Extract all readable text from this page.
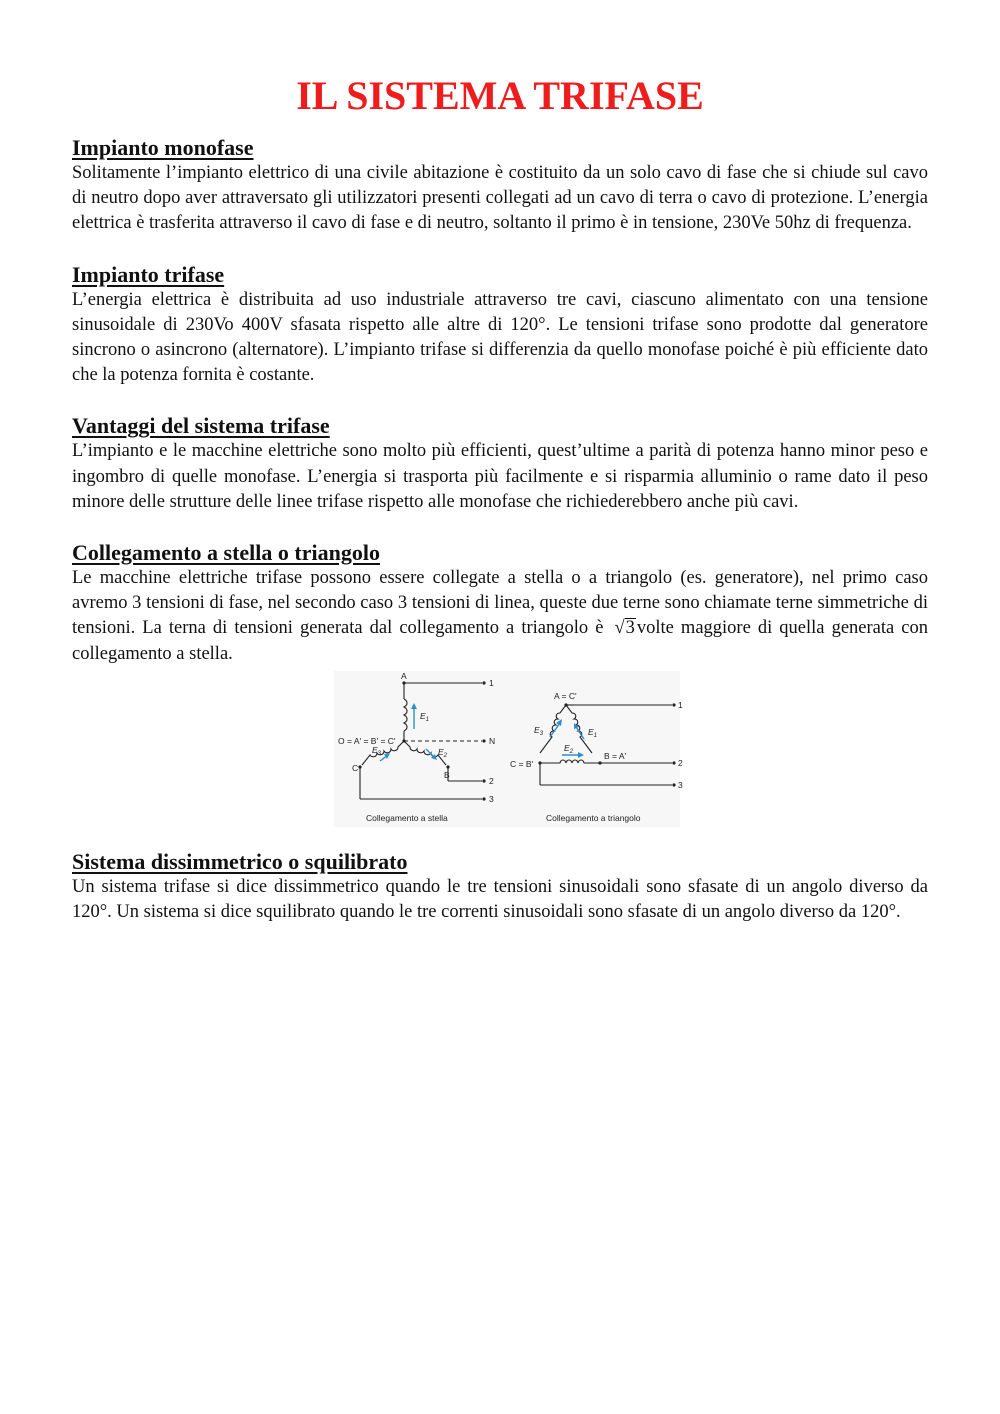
IL SISTEMA TRIFASE
Impianto monofase

Solitamente l’impianto elettrico di una civile abitazione è costituito da un solo cavo di fase che si chiude sul cavo di neutro dopo aver attraversato gli utilizzatori presenti collegati ad un cavo di terra o cavo di protezione. L’energia elettrica è trasferita attraverso il cavo di fase e di neutro, soltanto il primo è in tensione, 230Ve 50hz di frequenza.

Impianto trifase

L’energia elettrica è distribuita ad uso industriale attraverso tre cavi, ciascuno alimentato con una tensione sinusoidale di 230Vo 400V sfasata rispetto alle altre di 120°. Le tensioni trifase sono prodotte dal generatore sincrono o asincrono (alternatore). L’impianto trifase si differenzia da quello monofase poiché è più efficiente dato che la potenza fornita è costante.

Vantaggi del sistema trifase

L’impianto e le macchine elettriche sono molto più efficienti, quest’ultime a parità di potenza hanno minor peso e ingombro di quelle monofase. L’energia si trasporta più facilmente e si risparmia alluminio o rame dato il peso minore delle strutture delle linee trifase rispetto alle monofase che richiederebbero anche più cavi.

Collegamento a stella o triangolo

Le macchine elettriche trifase possono essere collegate a stella o a triangolo (es. generatore), nel primo caso avremo 3 tensioni di fase, nel secondo caso 3 tensioni di linea, queste due terne sono chiamate terne simmetriche di tensioni. La terna di tensioni generata dal collegamento a triangolo è √3 volte maggiore di quella generata con collegamento a stella.

A
O = A' = B' = C'
C
B
1
N
2
3
$E_1$
$E_2$
$E_3$
Collegamento a stella
A = C'
C = B'
B = A'
$E_3$	$E_1$
$E_2$
Collegamento a triangolo
1
2
3
Sistema dissimmetrico o squilibrato

Un sistema trifase si dice dissimmetrico quando le tre tensioni sinusoidali sono sfasate di un angolo diverso da 120°. Un sistema si dice squilibrato quando le tre correnti sinusoidali sono sfasate di un angolo diverso da 120°.
